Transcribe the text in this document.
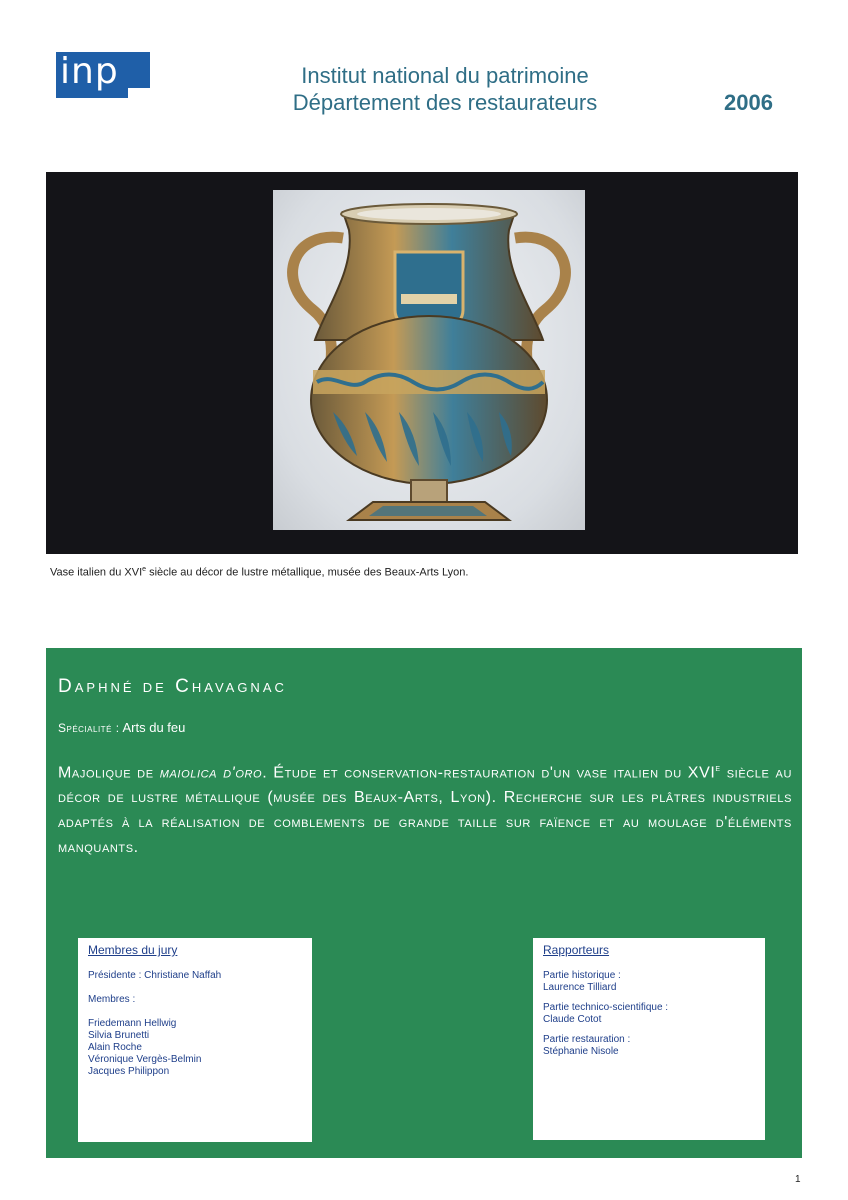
inp	Institut national du patrimoine
Département des restaurateurs	2006
Vase italien du XVIe siècle au décor de lustre métallique, musée des Beaux-Arts Lyon.
Daphné de Chavagnac
Spécialité : Arts du feu
Majolique de maiolica d'oro. Étude et conservation-restauration d'un vase italien du XVIe siècle au décor de lustre métallique (musée des Beaux-Arts, Lyon). Recherche sur les plâtres industriels adaptés à la réalisation de comblements de grande taille sur faïence et au moulage d'éléments manquants.
Membres du jury
Présidente : Christiane Naffah
Membres :
Friedemann Hellwig
Silvia Brunetti
Alain Roche
Véronique Vergès-Belmin
Jacques Philippon
Rapporteurs
Partie historique :
Laurence Tilliard
Partie technico-scientifique :
Claude Cotot
Partie restauration :
Stéphanie Nisole
1
